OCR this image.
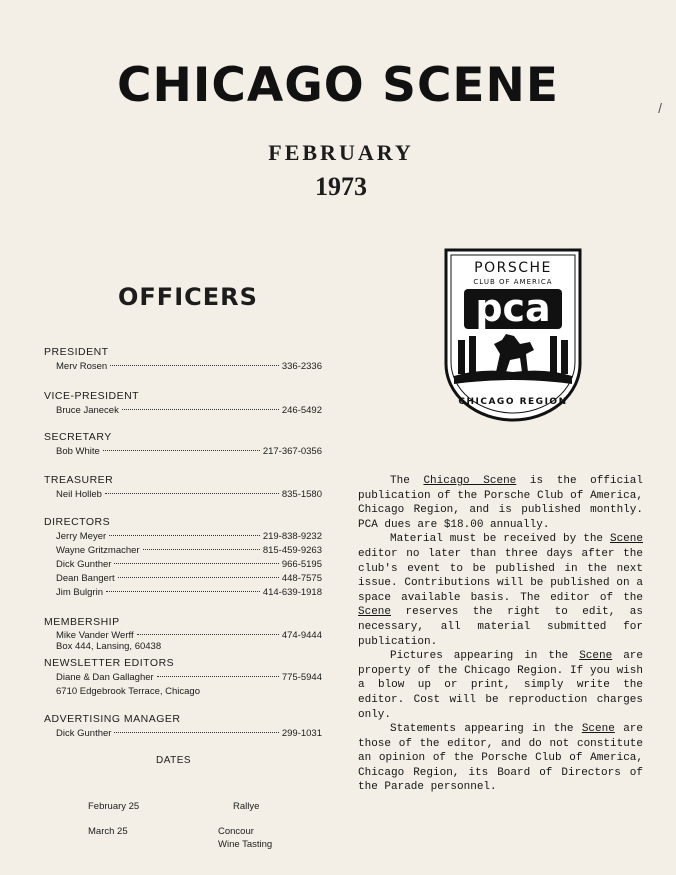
/
CHICAGO SCENE
FEBRUARY
1973
PORSCHE
CLUB OF AMERICA
pca
CHICAGO REGION
OFFICERS
PRESIDENT
Merv Rosen	336-2336
VICE-PRESIDENT
Bruce Janecek	246-5492
SECRETARY
Bob White	217-367-0356
TREASURER
Neil Holleb	835-1580
DIRECTORS
Jerry Meyer	219-838-9232
Wayne Gritzmacher	815-459-9263
Dick Gunther	966-5195
Dean Bangert	448-7575
Jim Bulgrin	414-639-1918
MEMBERSHIP
Mike Vander Werff	474-9444
Box 444, Lansing, 60438
NEWSLETTER EDITORS
Diane & Dan Gallagher	775-5944
6710 Edgebrook Terrace, Chicago
ADVERTISING MANAGER
Dick Gunther	299-1031
DATES
February 25	Rallye
March 25	Concour
Wine Tasting

The Chicago Scene is the official publication of the Porsche Club of America, Chicago Region, and is published monthly. PCA dues are $18.00 annually.

Material must be received by the Scene editor no later than three days after the club's event to be published in the next issue. Contributions will be published on a space available basis. The editor of the Scene reserves the right to edit, as necessary, all material submitted for publication.

Pictures appearing in the Scene are property of the Chicago Region. If you wish a blow up or print, simply write the editor. Cost will be reproduction charges only.

Statements appearing in the Scene are those of the editor, and do not constitute an opinion of the Porsche Club of America, Chicago Region, its Board of Directors of the Parade personnel.
